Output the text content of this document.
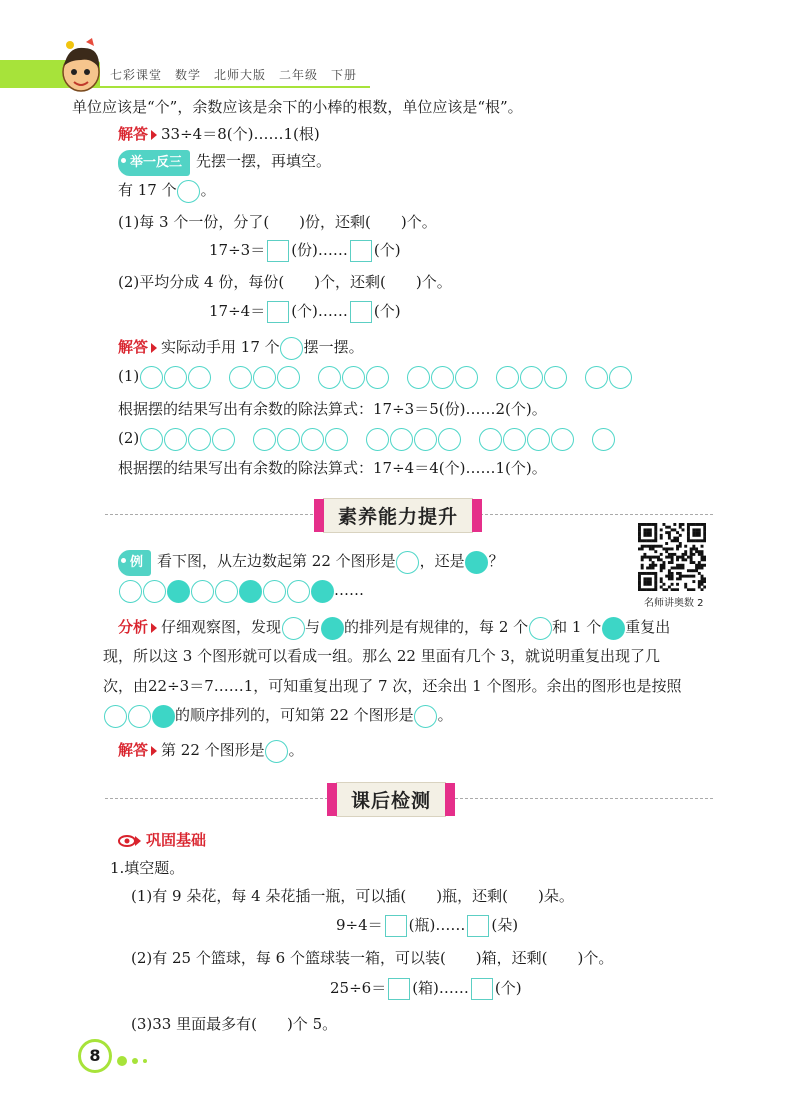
七彩课堂　数学　北师大版　二年级　下册
单位应该是“个”，余数应该是余下的小棒的根数，单位应该是“根”。
解答 33÷4＝8(个)……1(根)
举一反三 先摆一摆，再填空。
有 17 个 。
(1)每 3 个一份，分了(　　)份，还剩(　　)个。
17÷3＝ (份)…… (个)
(2)平均分成 4 份，每份(　　)个，还剩(　　)个。
17÷4＝ (个)…… (个)
解答 实际动手用 17 个 摆一摆。
(1)
根据摆的结果写出有余数的除法算式：17÷3＝5(份)……2(个)。
(2)
根据摆的结果写出有余数的除法算式：17÷4＝4(个)……1(个)。
素养能力提升
名师讲奥数 2
例 看下图，从左边数起第 22 个图形是 ，还是 ？
……
分析 仔细观察图，发现 与 的排列是有规律的，每 2 个 和 1 个 重复出
现，所以这 3 个图形就可以看成一组。那么 22 里面有几个 3，就说明重复出现了几
次，由22÷3＝7……1，可知重复出现了 7 次，还余出 1 个图形。余出的图形也是按照
的顺序排列的，可知第 22 个图形是 。
解答 第 22 个图形是 。
课后检测
巩固基础
1.填空题。
(1)有 9 朵花，每 4 朵花插一瓶，可以插(　　)瓶，还剩(　　)朵。
9÷4＝ (瓶)…… (朵)
(2)有 25 个篮球，每 6 个篮球装一箱，可以装(　　)箱，还剩(　　)个。
25÷6＝ (箱)…… (个)
(3)33 里面最多有(　　)个 5。
8
